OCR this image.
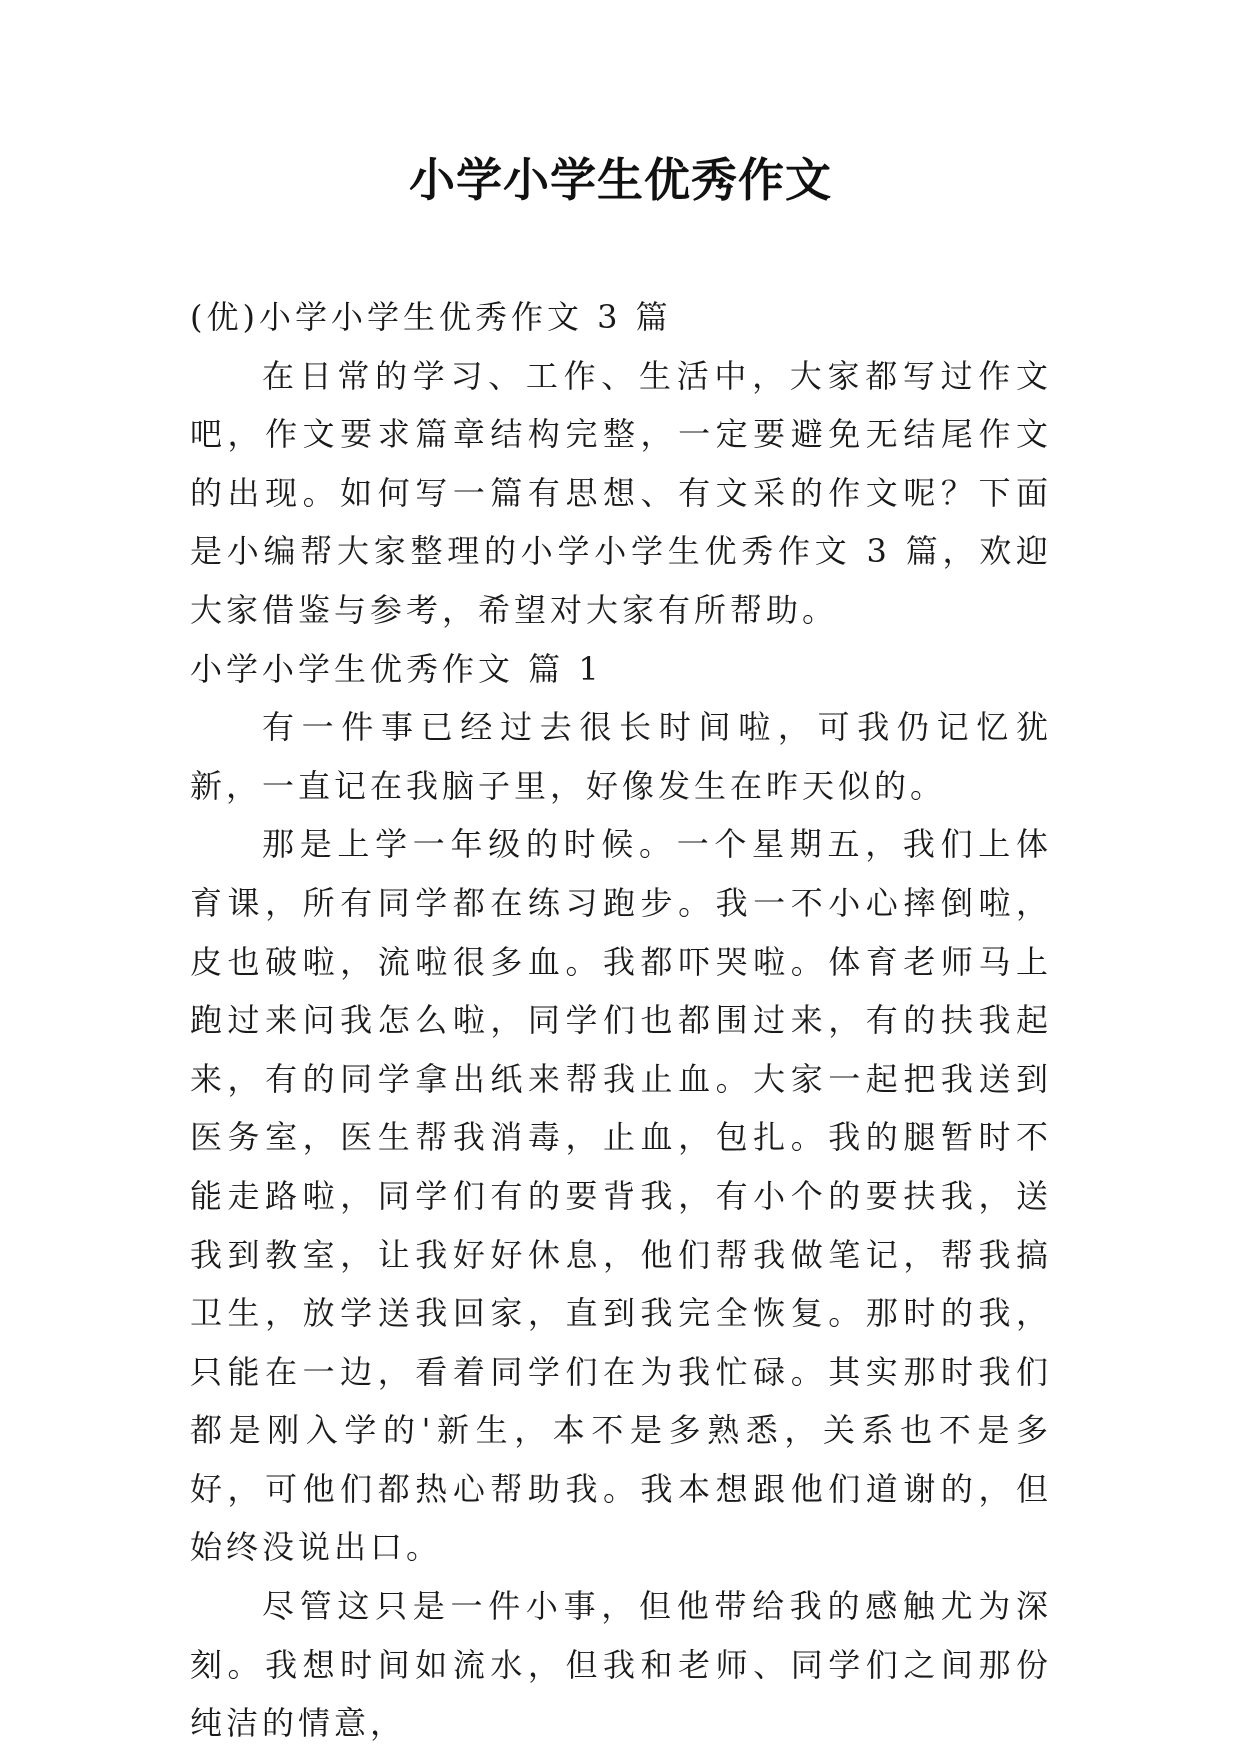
小学小学生优秀作文

(优)小学小学生优秀作文 3 篇

在日常的学习、工作、生活中，大家都写过作文吧，作文要求篇章结构完整，一定要避免无结尾作文的出现。如何写一篇有思想、有文采的作文呢？下面是小编帮大家整理的小学小学生优秀作文 3 篇，欢迎大家借鉴与参考，希望对大家有所帮助。

小学小学生优秀作文 篇 1

有一件事已经过去很长时间啦，可我仍记忆犹新，一直记在我脑子里，好像发生在昨天似的。

那是上学一年级的时候。一个星期五，我们上体育课，所有同学都在练习跑步。我一不小心摔倒啦，皮也破啦，流啦很多血。我都吓哭啦。体育老师马上跑过来问我怎么啦，同学们也都围过来，有的扶我起来，有的同学拿出纸来帮我止血。大家一起把我送到医务室，医生帮我消毒，止血，包扎。我的腿暂时不能走路啦，同学们有的要背我，有小个的要扶我，送我到教室，让我好好休息，他们帮我做笔记，帮我搞卫生，放学送我回家，直到我完全恢复。那时的我，只能在一边，看着同学们在为我忙碌。其实那时我们都是刚入学的'新生，本不是多熟悉，关系也不是多好，可他们都热心帮助我。我本想跟他们道谢的，但始终没说出口。

尽管这只是一件小事，但他带给我的感触尤为深刻。我想时间如流水，但我和老师、同学们之间那份纯洁的情意，
